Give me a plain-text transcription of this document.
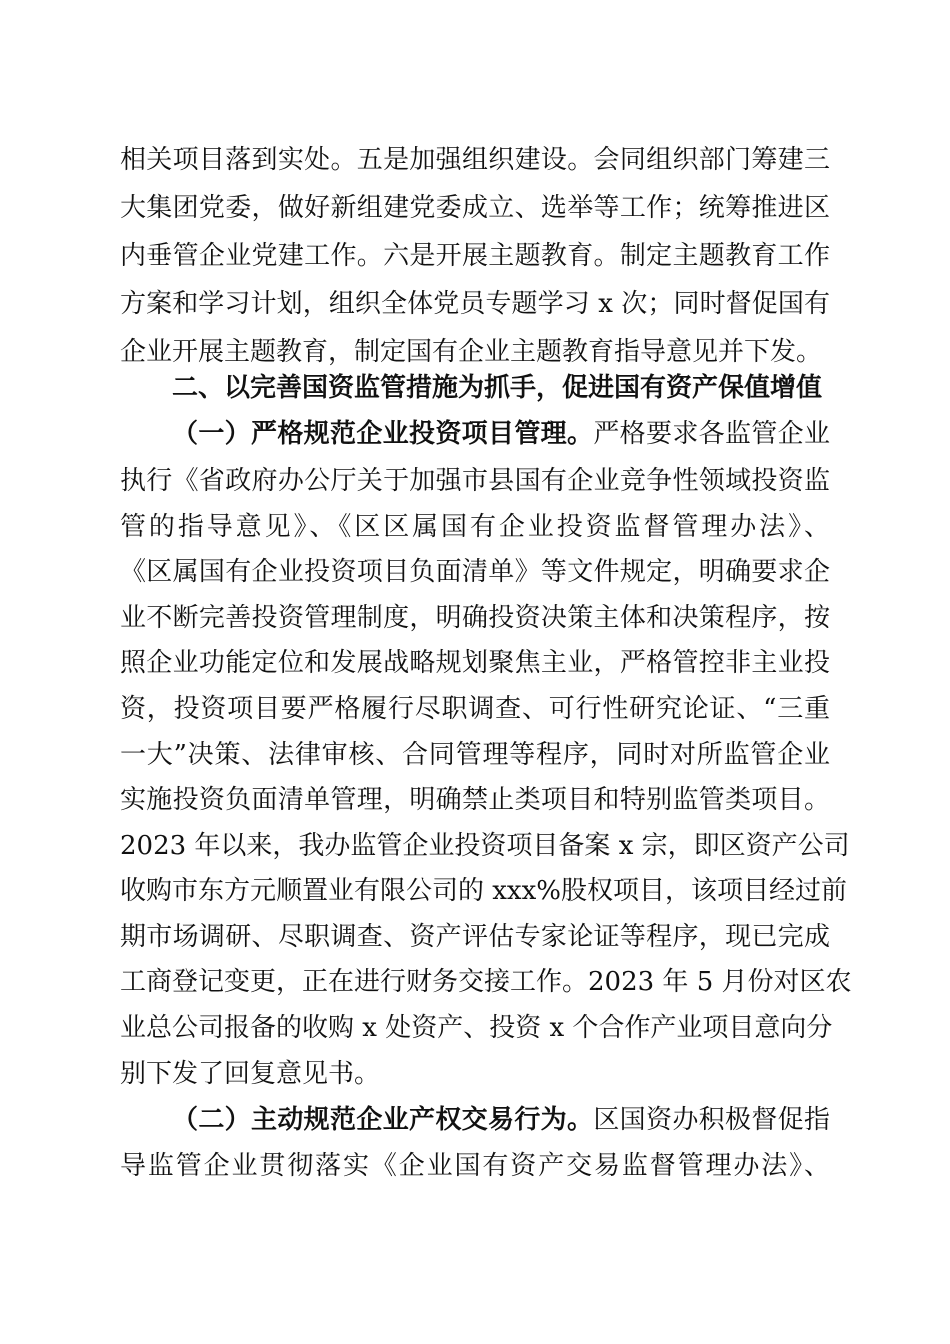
相关项目落到实处。五是加强组织建设。会同组织部门筹建三
大集团党委，做好新组建党委成立、选举等工作；统筹推进区
内垂管企业党建工作。六是开展主题教育。制定主题教育工作
方案和学习计划，组织全体党员专题学习 x 次；同时督促国有
企业开展主题教育，制定国有企业主题教育指导意见并下发。
二、以完善国资监管措施为抓手，促进国有资产保值增值
（一）严格规范企业投资项目管理。严格要求各监管企业
执行《省政府办公厅关于加强市县国有企业竞争性领域投资监
管的指导意见》、《区区属国有企业投资监督管理办法》、
《区属国有企业投资项目负面清单》等文件规定，明确要求企
业不断完善投资管理制度，明确投资决策主体和决策程序，按
照企业功能定位和发展战略规划聚焦主业，严格管控非主业投
资，投资项目要严格履行尽职调查、可行性研究论证、“三重
一大”决策、法律审核、合同管理等程序，同时对所监管企业
实施投资负面清单管理，明确禁止类项目和特别监管类项目。
2023 年以来，我办监管企业投资项目备案 x 宗，即区资产公司
收购市东方元顺置业有限公司的 xxx%股权项目，该项目经过前
期市场调研、尽职调查、资产评估专家论证等程序，现已完成
工商登记变更，正在进行财务交接工作。2023 年 5 月份对区农
业总公司报备的收购 x 处资产、投资 x 个合作产业项目意向分
别下发了回复意见书。
（二）主动规范企业产权交易行为。区国资办积极督促指
导监管企业贯彻落实《企业国有资产交易监督管理办法》、
